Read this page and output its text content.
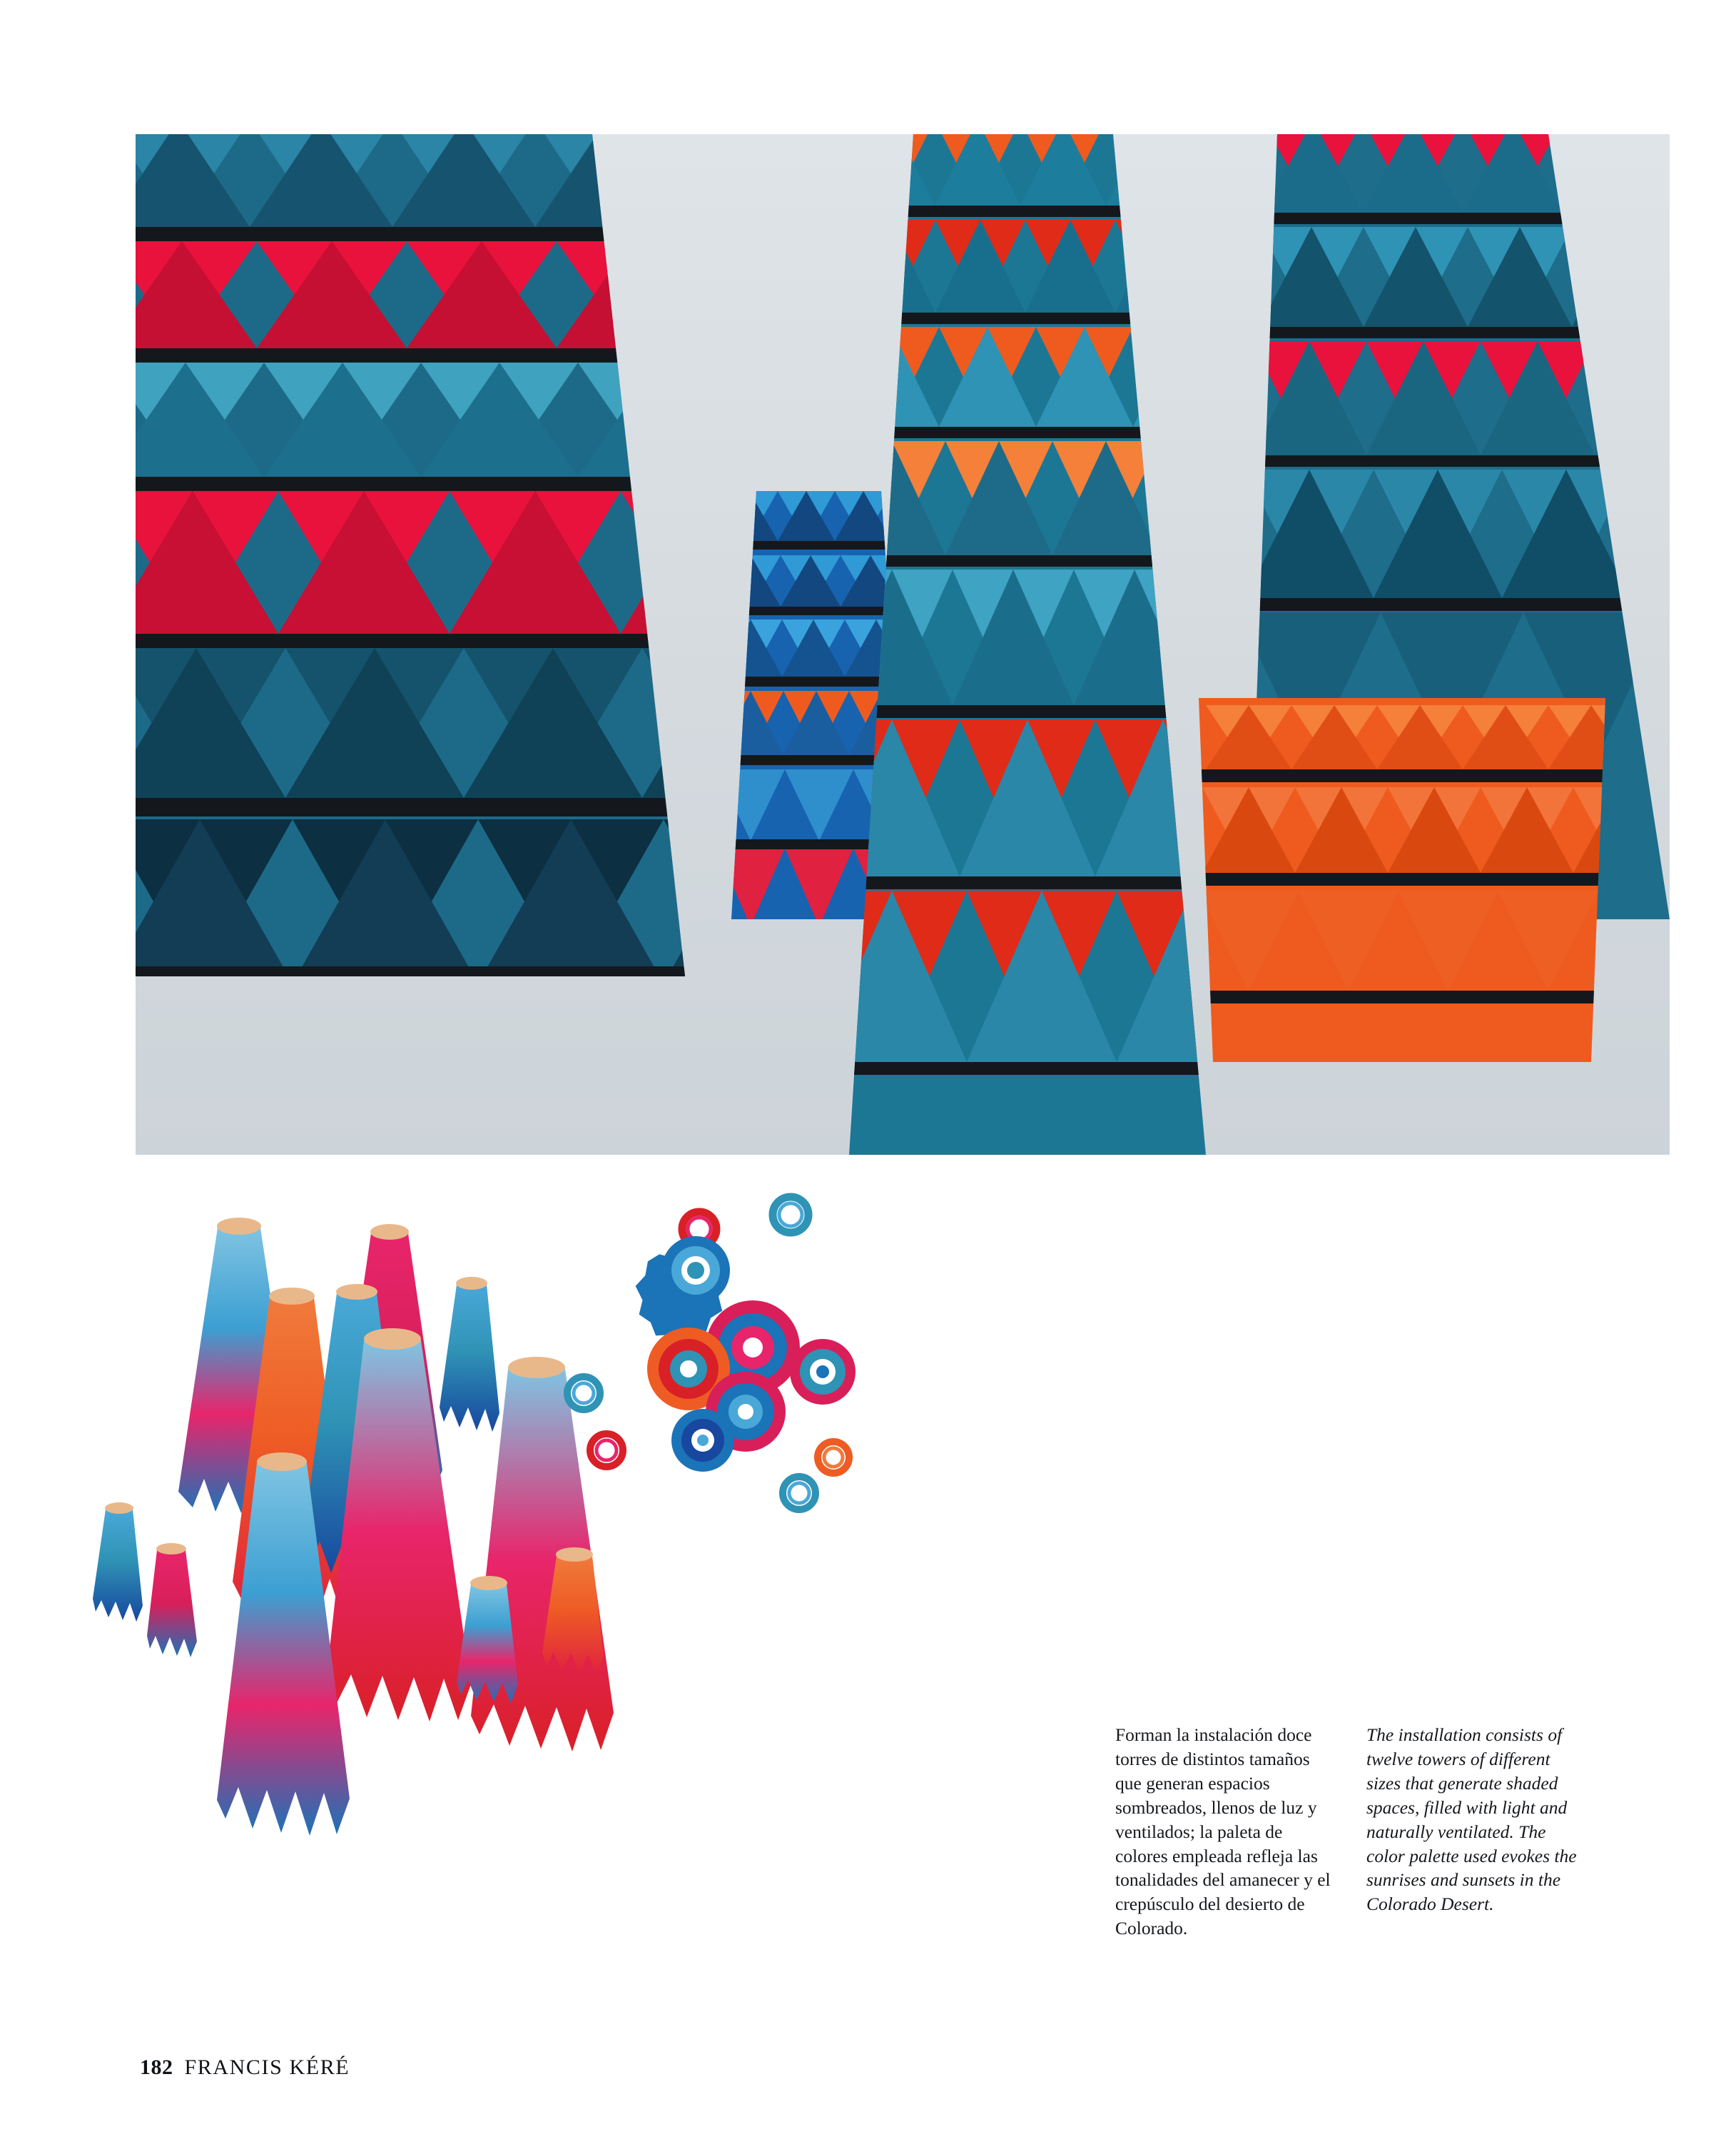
Forman la instalación doce torres de distintos tamaños que generan espacios sombreados, llenos de luz y ventilados; la paleta de colores empleada refleja las tonalidades del amanecer y el crepúsculo del desierto de Colorado.

The installation consists of twelve towers of different sizes that generate shaded spaces, filled with light and naturally ventilated. The color palette used evokes the sunrises and sunsets in the Colorado Desert.

182 FRANCIS KÉRÉ
